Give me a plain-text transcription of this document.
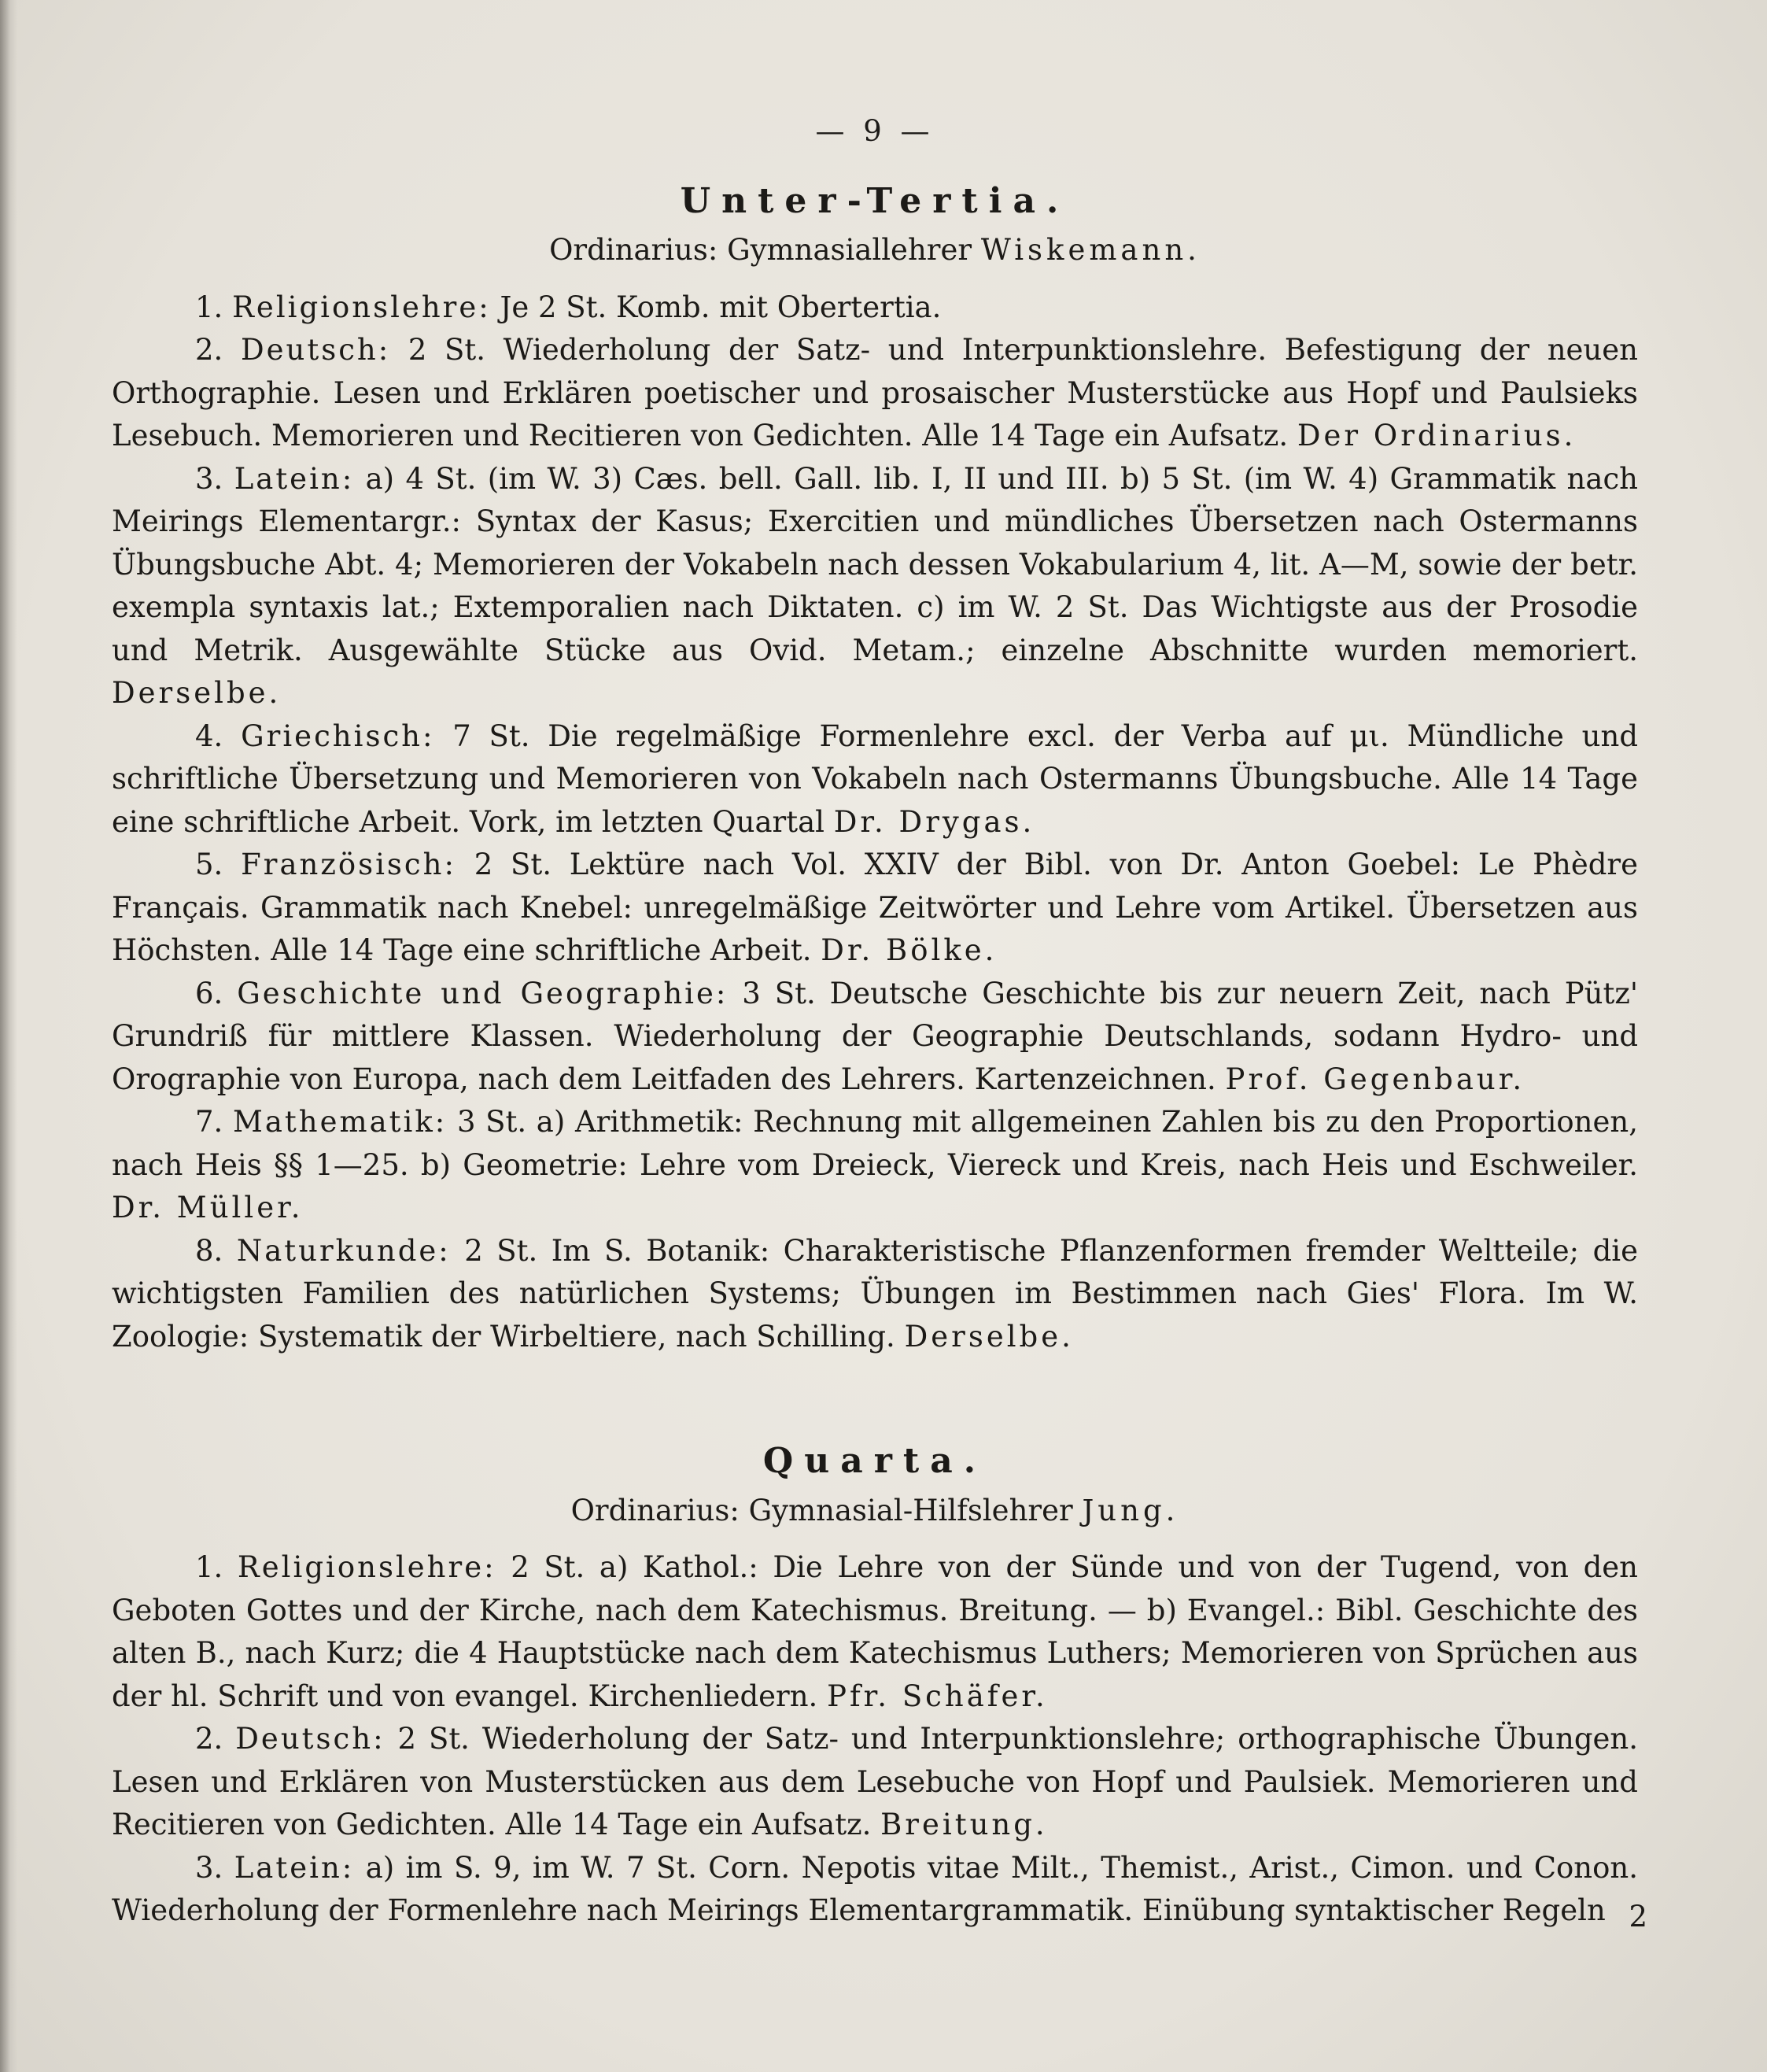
— 9 —
Unter-Tertia.
Ordinarius: Gymnasiallehrer Wiskemann.

1. Religionslehre: Je 2 St. Komb. mit Obertertia.

2. Deutsch: 2 St. Wiederholung der Satz- und Interpunktionslehre. Befestigung der neuen Orthographie. Lesen und Erklären poetischer und prosaischer Musterstücke aus Hopf und Paulsieks Lesebuch. Memorieren und Recitieren von Gedichten. Alle 14 Tage ein Aufsatz. Der Ordinarius.

3. Latein: a) 4 St. (im W. 3) Cæs. bell. Gall. lib. I, II und III. b) 5 St. (im W. 4) Grammatik nach Meirings Elementargr.: Syntax der Kasus; Exercitien und mündliches Übersetzen nach Ostermanns Übungsbuche Abt. 4; Memorieren der Vokabeln nach dessen Vokabularium 4, lit. A—M, sowie der betr. exempla syntaxis lat.; Extemporalien nach Diktaten. c) im W. 2 St. Das Wichtigste aus der Prosodie und Metrik. Ausgewählte Stücke aus Ovid. Metam.; einzelne Abschnitte wurden memoriert. Derselbe.

4. Griechisch: 7 St. Die regelmäßige Formenlehre excl. der Verba auf μι. Mündliche und schriftliche Übersetzung und Memorieren von Vokabeln nach Ostermanns Übungsbuche. Alle 14 Tage eine schriftliche Arbeit. Vork, im letzten Quartal Dr. Drygas.

5. Französisch: 2 St. Lektüre nach Vol. XXIV der Bibl. von Dr. Anton Goebel: Le Phèdre Français. Grammatik nach Knebel: unregelmäßige Zeitwörter und Lehre vom Artikel. Übersetzen aus Höchsten. Alle 14 Tage eine schriftliche Arbeit. Dr. Bölke.

6. Geschichte und Geographie: 3 St. Deutsche Geschichte bis zur neuern Zeit, nach Pütz' Grundriß für mittlere Klassen. Wiederholung der Geographie Deutschlands, sodann Hydro- und Orographie von Europa, nach dem Leitfaden des Lehrers. Kartenzeichnen. Prof. Gegenbaur.

7. Mathematik: 3 St. a) Arithmetik: Rechnung mit allgemeinen Zahlen bis zu den Proportionen, nach Heis §§ 1—25. b) Geometrie: Lehre vom Dreieck, Viereck und Kreis, nach Heis und Eschweiler. Dr. Müller.

8. Naturkunde: 2 St. Im S. Botanik: Charakteristische Pflanzenformen fremder Weltteile; die wichtigsten Familien des natürlichen Systems; Übungen im Bestimmen nach Gies' Flora. Im W. Zoologie: Systematik der Wirbeltiere, nach Schilling. Derselbe.

Quarta.
Ordinarius: Gymnasial-Hilfslehrer Jung.

1. Religionslehre: 2 St. a) Kathol.: Die Lehre von der Sünde und von der Tugend, von den Geboten Gottes und der Kirche, nach dem Katechismus. Breitung. — b) Evangel.: Bibl. Geschichte des alten B., nach Kurz; die 4 Hauptstücke nach dem Katechismus Luthers; Memorieren von Sprüchen aus der hl. Schrift und von evangel. Kirchenliedern. Pfr. Schäfer.

2. Deutsch: 2 St. Wiederholung der Satz- und Interpunktionslehre; orthographische Übungen. Lesen und Erklären von Musterstücken aus dem Lesebuche von Hopf und Paulsiek. Memorieren und Recitieren von Gedichten. Alle 14 Tage ein Aufsatz. Breitung.

3. Latein: a) im S. 9, im W. 7 St. Corn. Nepotis vitae Milt., Themist., Arist., Cimon. und Conon. Wiederholung der Formenlehre nach Meirings Elementargrammatik. Einübung syntaktischer Regeln 2
